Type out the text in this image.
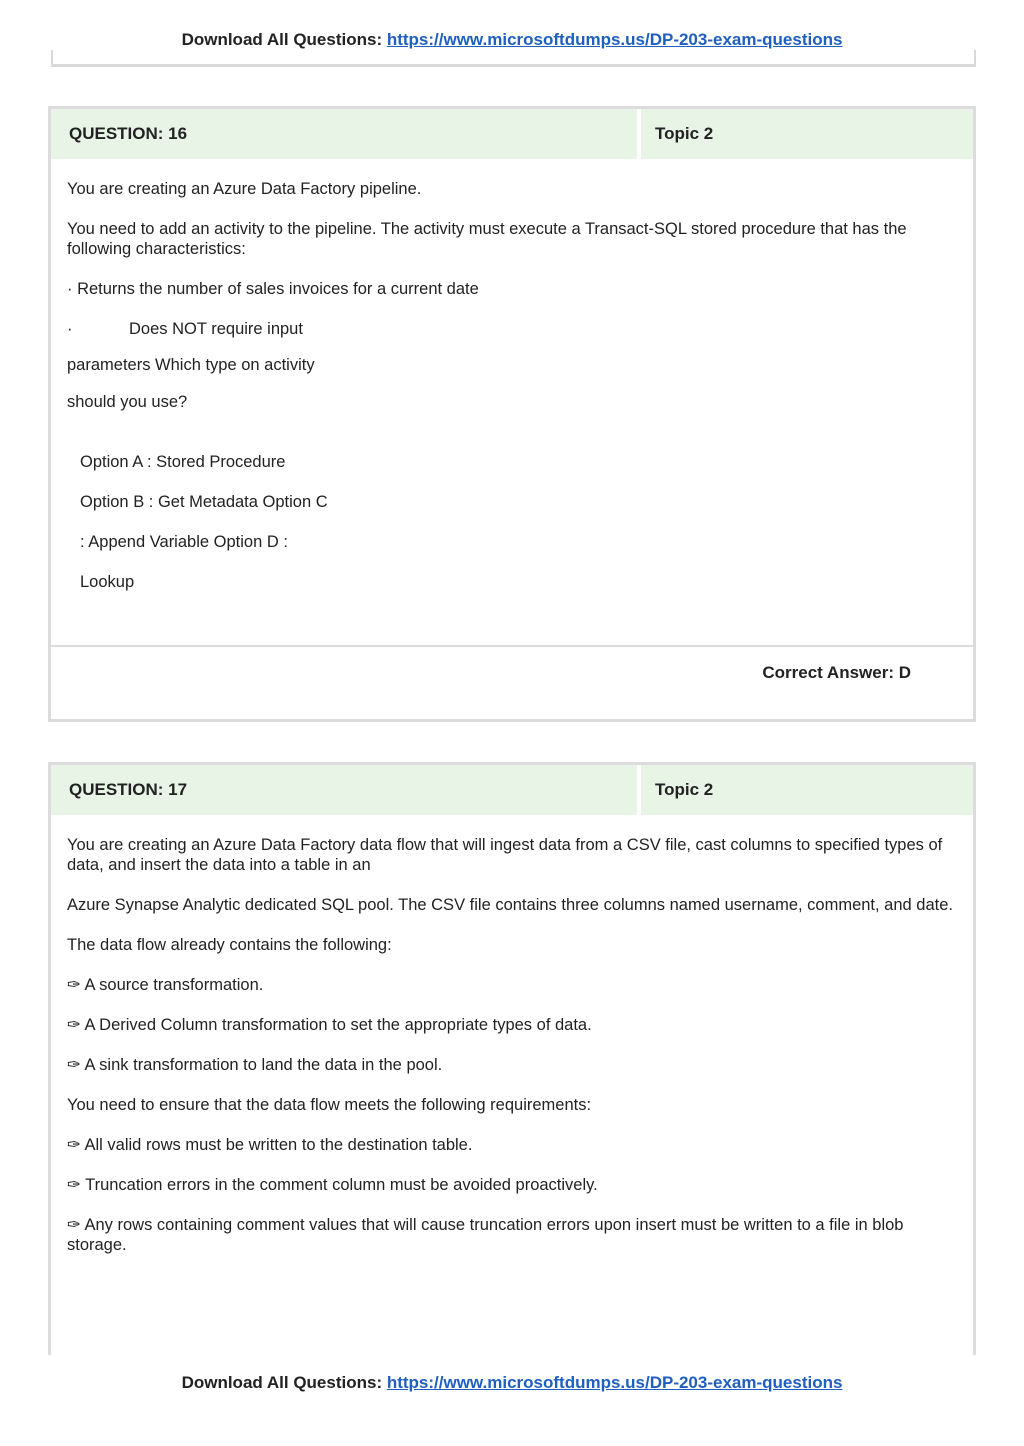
Download All Questions: https://www.microsoftdumps.us/DP-203-exam-questions
QUESTION: 16	Topic 2

You are creating an Azure Data Factory pipeline.

You need to add an activity to the pipeline. The activity must execute a Transact-SQL stored procedure that has the following characteristics:

· Returns the number of sales invoices for a current date

·	Does NOT require input

parameters Which type on activity

should you use?

Option A : Stored Procedure

Option B : Get Metadata Option C

: Append Variable Option D :

Lookup

Correct Answer: D
QUESTION: 17	Topic 2

You are creating an Azure Data Factory data flow that will ingest data from a CSV file, cast columns to specified types of data, and insert the data into a table in an

Azure Synapse Analytic dedicated SQL pool. The CSV file contains three columns named username, comment, and date.

The data flow already contains the following:

✑ A source transformation.

✑ A Derived Column transformation to set the appropriate types of data.

✑ A sink transformation to land the data in the pool.

You need to ensure that the data flow meets the following requirements:

✑ All valid rows must be written to the destination table.

✑ Truncation errors in the comment column must be avoided proactively.

✑ Any rows containing comment values that will cause truncation errors upon insert must be written to a file in blob storage.

Download All Questions: https://www.microsoftdumps.us/DP-203-exam-questions
